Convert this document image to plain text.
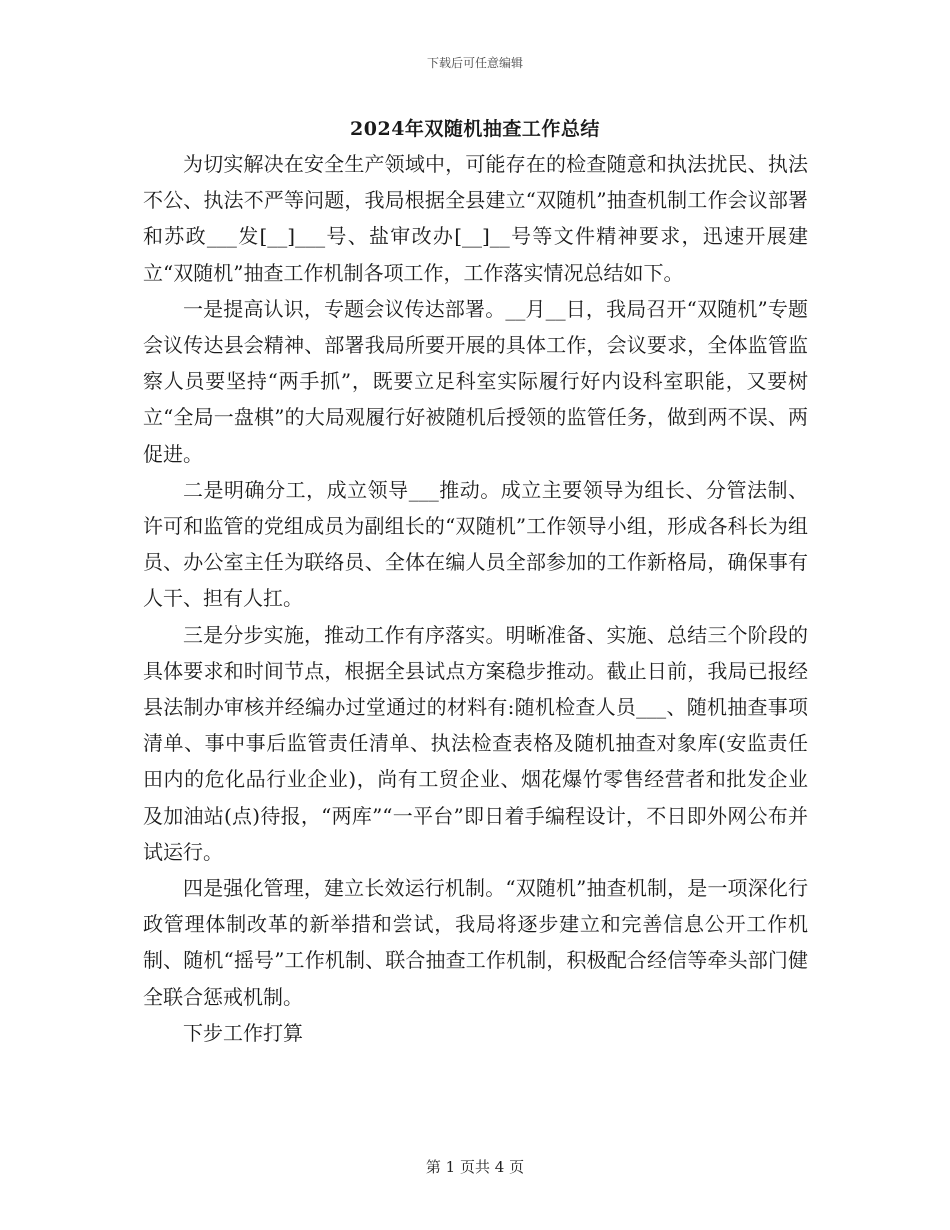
下载后可任意编辑
2024年双随机抽查工作总结

为切实解决在安全生产领域中，可能存在的检查随意和执法扰民、执法不公、执法不严等问题，我局根据全县建立“双随机”抽查机制工作会议部署和苏政___发[__]___号、盐审改办[__]__号等文件精神要求，迅速开展建立“双随机”抽查工作机制各项工作，工作落实情况总结如下。

一是提高认识，专题会议传达部署。__月__日，我局召开“双随机”专题会议传达县会精神、部署我局所要开展的具体工作，会议要求，全体监管监察人员要坚持“两手抓”，既要立足科室实际履行好内设科室职能，又要树立“全局一盘棋”的大局观履行好被随机后授领的监管任务，做到两不误、两促进。

二是明确分工，成立领导___推动。成立主要领导为组长、分管法制、许可和监管的党组成员为副组长的“双随机”工作领导小组，形成各科长为组员、办公室主任为联络员、全体在编人员全部参加的工作新格局，确保事有人干、担有人扛。

三是分步实施，推动工作有序落实。明晰准备、实施、总结三个阶段的具体要求和时间节点，根据全县试点方案稳步推动。截止日前，我局已报经县法制办审核并经编办过堂通过的材料有:随机检查人员___、随机抽查事项清单、事中事后监管责任清单、执法检查表格及随机抽查对象库(安监责任田内的危化品行业企业)，尚有工贸企业、烟花爆竹零售经营者和批发企业及加油站(点)待报，“两库”“一平台”即日着手编程设计，不日即外网公布并试运行。

四是强化管理，建立长效运行机制。“双随机”抽查机制，是一项深化行政管理体制改革的新举措和尝试，我局将逐步建立和完善信息公开工作机制、随机“摇号”工作机制、联合抽查工作机制，积极配合经信等牵头部门健全联合惩戒机制。

下步工作打算

第 1 页共 4 页
